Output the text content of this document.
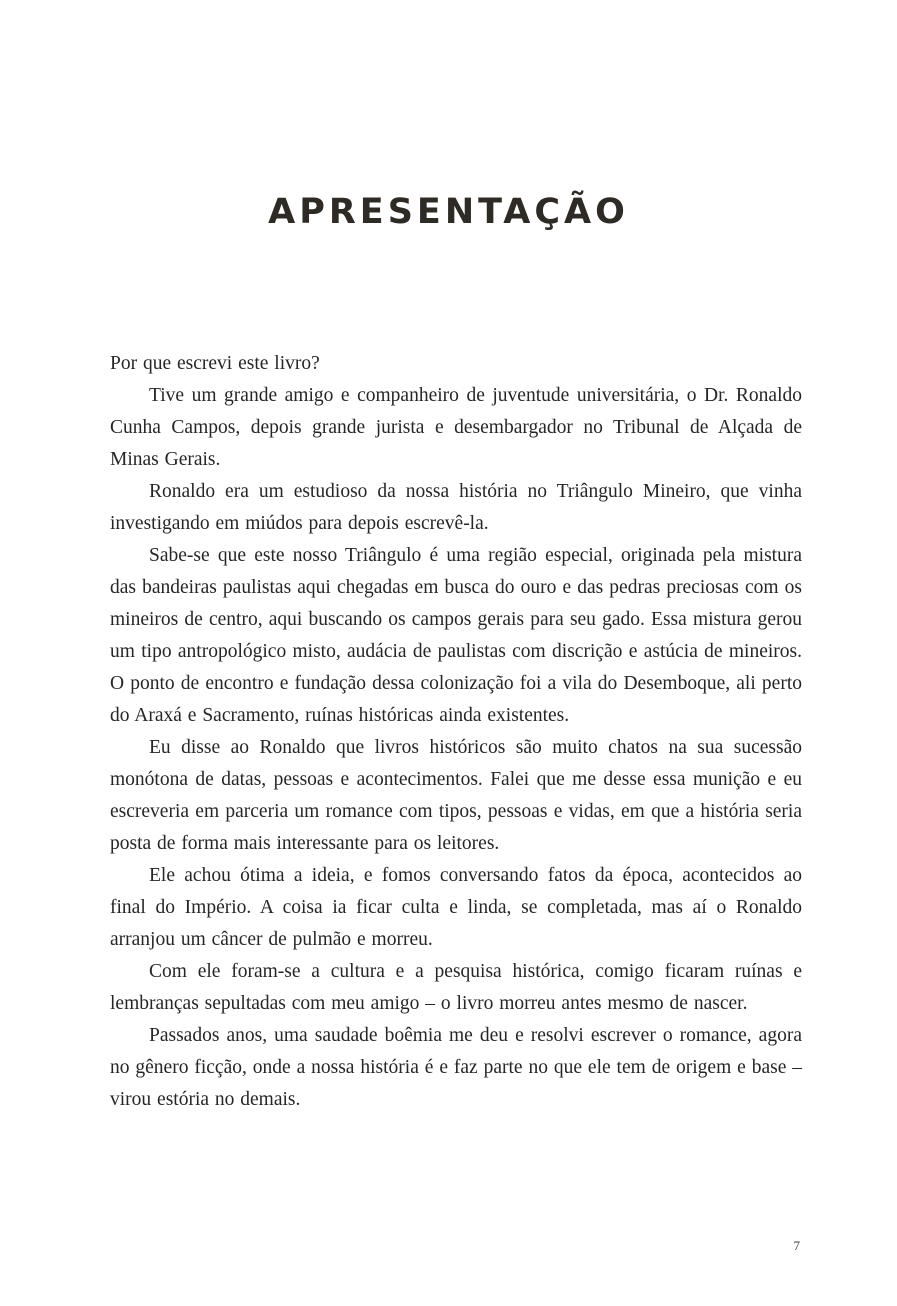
APRESENTAÇÃO

Por que escrevi este livro?

Tive um grande amigo e companheiro de juventude universitária, o Dr. Ronaldo Cunha Campos, depois grande jurista e desembargador no Tribunal de Alçada de Minas Gerais.

Ronaldo era um estudioso da nossa história no Triângulo Mineiro, que vinha investigando em miúdos para depois escrevê-la.

Sabe-se que este nosso Triângulo é uma região especial, originada pela mistura das bandeiras paulistas aqui chegadas em busca do ouro e das pedras preciosas com os mineiros de centro, aqui buscando os campos gerais para seu gado. Essa mistura gerou um tipo antropológico misto, audácia de paulistas com discrição e astúcia de mineiros. O ponto de encontro e fundação dessa colonização foi a vila do Desemboque, ali perto do Araxá e Sacramento, ruínas históricas ainda existentes.

Eu disse ao Ronaldo que livros históricos são muito chatos na sua sucessão monótona de datas, pessoas e acontecimentos. Falei que me desse essa munição e eu escreveria em parceria um romance com tipos, pessoas e vidas, em que a história seria posta de forma mais interessante para os leitores.

Ele achou ótima a ideia, e fomos conversando fatos da época, acontecidos ao final do Império. A coisa ia ficar culta e linda, se completada, mas aí o Ronaldo arranjou um câncer de pulmão e morreu.

Com ele foram-se a cultura e a pesquisa histórica, comigo ficaram ruínas e lembranças sepultadas com meu amigo – o livro morreu antes mesmo de nascer.

Passados anos, uma saudade boêmia me deu e resolvi escrever o romance, agora no gênero ficção, onde a nossa história é e faz parte no que ele tem de origem e base – virou estória no demais.

7
